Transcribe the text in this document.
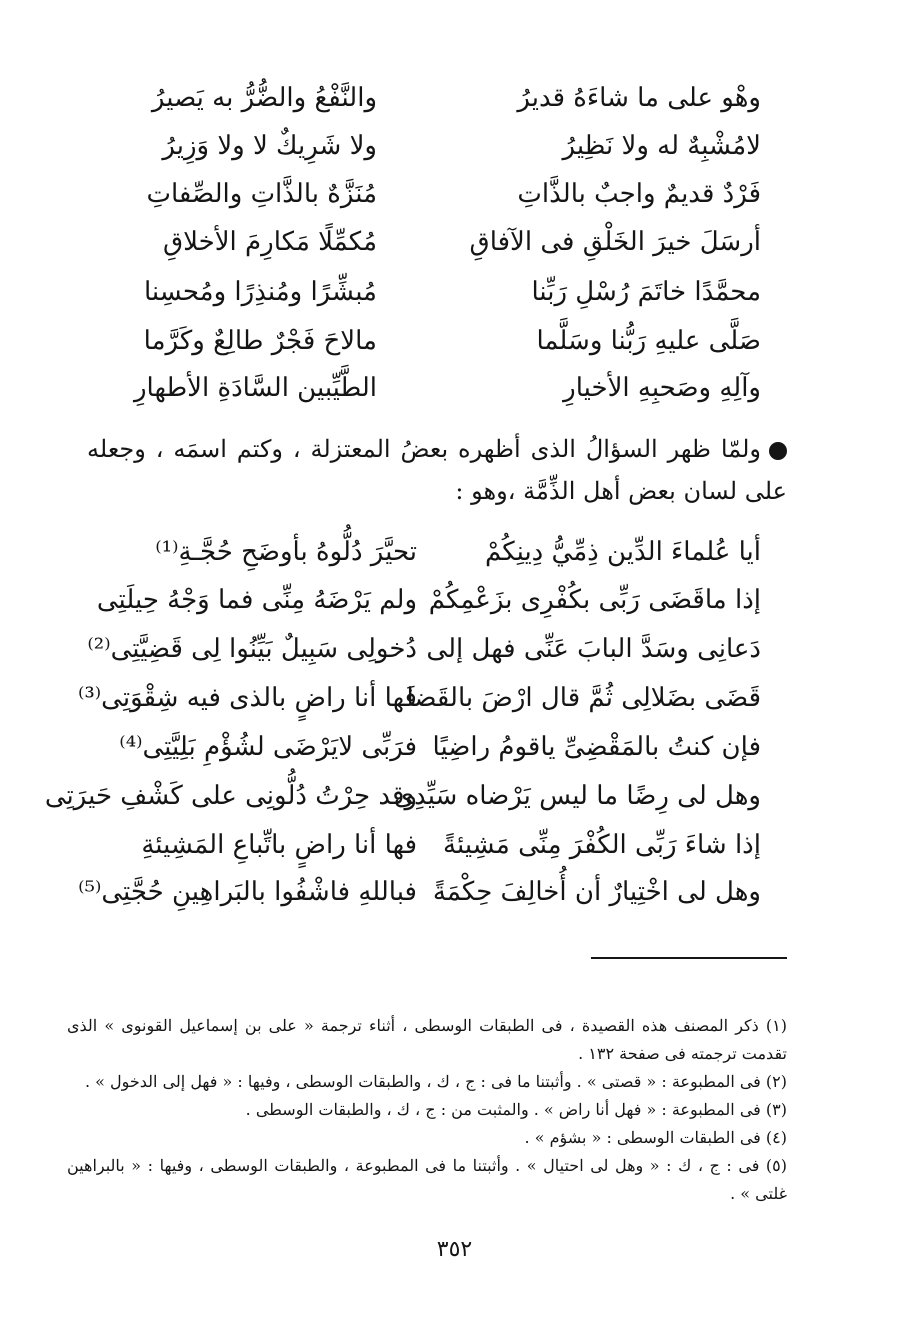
وهْو على ما شاءَهُ قديرُ
والنَّفْعُ والضُّرُّ به يَصيرُ
لامُشْبِهٌ له ولا نَظِيرُ
ولا شَرِيكٌ لا ولا وَزِيرُ
فَرْدٌ قديمٌ واجبٌ بالذَّاتِ
مُنَزَّهٌ بالذَّاتِ والصِّفاتِ
أرسَلَ خيرَ الخَلْقِ فى الآفاقِ
مُكمِّلًا مَكارِمَ الأخلاقِ
محمَّدًا خاتَمَ رُسْلِ رَبِّنا
مُبشِّرًا ومُنذِرًا ومُحسِنا
صَلَّى عليهِ رَبُّنا وسَلَّما
مالاحَ فَجْرٌ طالِعٌ وكَرَّما
وآلِهِ وصَحبِهِ الأخيارِ
الطَّيِّبين السَّادَةِ الأطهارِ
ولمّا ظهر السؤالُ الذى أظهره بعضُ المعتزلة ، وكتم اسمَه ، وجعله على لسان بعض أهل الذِّمَّة ،وهو :
أيا عُلماءَ الدِّين ذِمِّيُّ دِينِكُمْ
تحيَّرَ دُلُّوهُ بأوضَحِ حُجَّـةِ⁽¹⁾
إذا ماقَضَى رَبِّى بكُفْرِى بزَعْمِكُمْ
ولم يَرْضَهُ مِنِّى فما وَجْهُ حِيلَتِى
دَعانِى وسَدَّ البابَ عَنِّى فهل إلى
دُخولِى سَبِيلٌ بَيِّنُوا لِى قَضِيَّتِى⁽²⁾
قَضَى بضَلالِى ثُمَّ قال ارْضَ بالقَضا
فَها أنا راضٍ بالذى فيه شِقْوَتِى⁽³⁾
فإن كنتُ بالمَقْضِىِّ ياقومُ راضِيًا
فرَبِّى لايَرْضَى لشُؤْمِ بَلِيَّتِى⁽⁴⁾
وهل لى رِضًا ما ليس يَرْضاه سَيِّدِى
وقد حِرْتُ دُلُّونِى على كَشْفِ حَيرَتِى
إذا شاءَ رَبِّى الكُفْرَ مِنِّى مَشِيئةً
فها أنا راضٍ باتِّباعِ المَشِيئةِ
وهل لى اخْتِيارٌ أن أُخالِفَ حِكْمَةً
فباللهِ فاشْفُوا بالبَراهِينِ حُجَّتِى⁽⁵⁾

(١) ذكر المصنف هذه القصيدة ، فى الطبقات الوسطى ، أثناء ترجمة « على بن إسماعيل القونوى » الذى تقدمت ترجمته فى صفحة ١٣٢ .

(٢) فى المطبوعة : « قصتى » . وأثبتنا ما فى : ج ، ك ، والطبقات الوسطى ، وفيها : « فهل إلى الدخول » .

(٣) فى المطبوعة : « فهل أنا راض » . والمثبت من : ج ، ك ، والطبقات الوسطى .

(٤) فى الطبقات الوسطى : « بشؤم » .

(٥) فى : ج ، ك : « وهل لى احتيال » . وأثبتنا ما فى المطبوعة ، والطبقات الوسطى ، وفيها : « بالبراهين غلتى » .

٣٥٢
